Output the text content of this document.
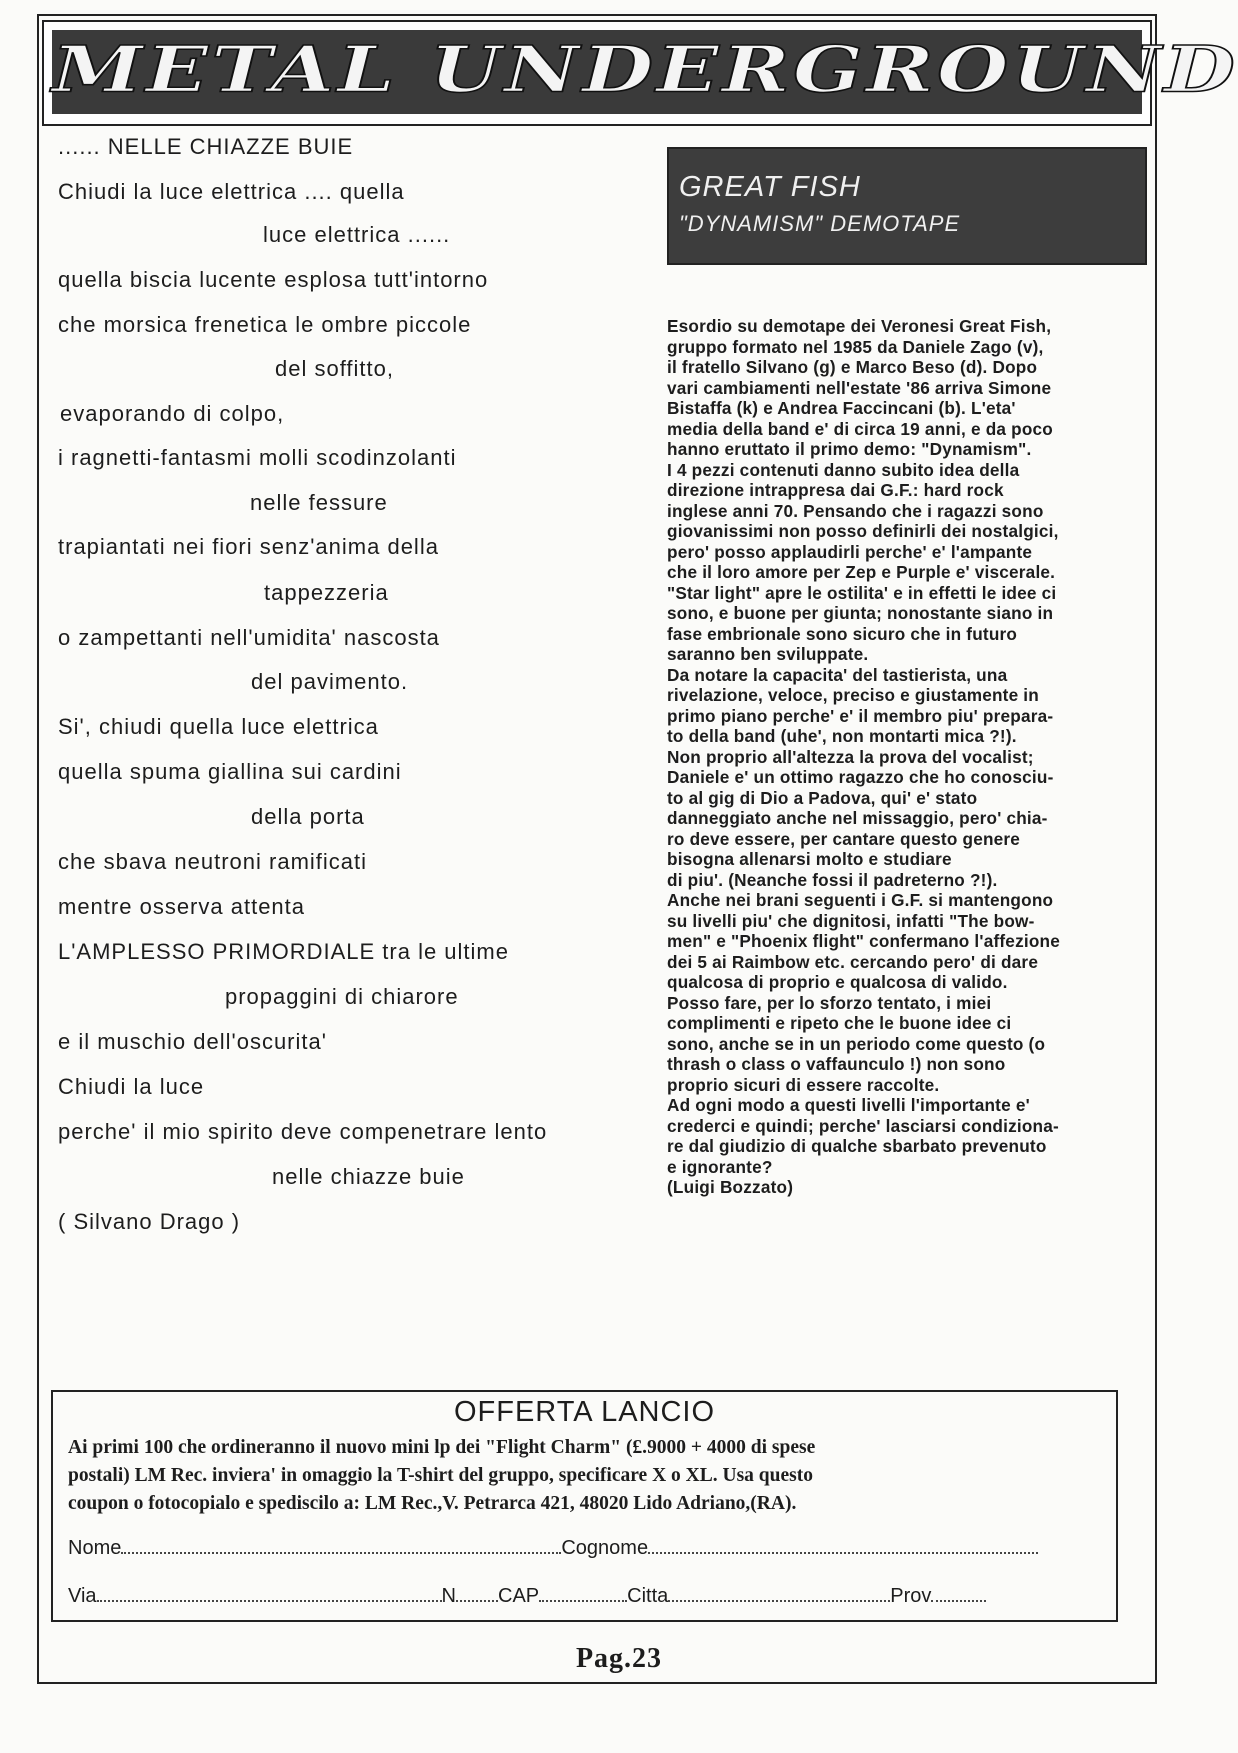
METAL UNDERGROUND
...... NELLE CHIAZZE BUIE
Chiudi la luce elettrica .... quella
luce elettrica ......
quella biscia lucente esplosa tutt'intorno
che morsica frenetica le ombre piccole
del soffitto,
evaporando di colpo,
i ragnetti-fantasmi molli scodinzolanti
nelle fessure
trapiantati nei fiori senz'anima della
tappezzeria
o zampettanti nell'umidita' nascosta
del pavimento.
Si', chiudi quella luce elettrica
quella spuma giallina sui cardini
della porta
che sbava neutroni ramificati
mentre osserva attenta
L'AMPLESSO PRIMORDIALE tra le ultime
propaggini di chiarore
e il muschio dell'oscurita'
Chiudi la luce
perche' il mio spirito deve compenetrare lento
nelle chiazze buie
( Silvano Drago )
GREAT FISH
"DYNAMISM" DEMOTAPE
Esordio su demotape dei Veronesi Great Fish,
gruppo formato nel 1985 da Daniele Zago (v),
il fratello Silvano (g) e Marco Beso (d). Dopo
vari cambiamenti nell'estate '86 arriva Simone
Bistaffa (k) e Andrea Faccincani (b). L'eta'
media della band e' di circa 19 anni, e da poco
hanno eruttato il primo demo: "Dynamism".
I 4 pezzi contenuti danno subito idea della
direzione intrappresa dai G.F.: hard rock
inglese anni 70. Pensando che i ragazzi sono
giovanissimi non posso definirli dei nostalgici,
pero' posso applaudirli perche' e' l'ampante
che il loro amore per Zep e Purple e' viscerale.
"Star light" apre le ostilita' e in effetti le idee ci
sono, e buone per giunta; nonostante siano in
fase embrionale sono sicuro che in futuro
saranno ben sviluppate.
Da notare la capacita' del tastierista, una
rivelazione, veloce, preciso e giustamente in
primo piano perche' e' il membro piu' prepara-
to della band (uhe', non montarti mica ?!).
Non proprio all'altezza la prova del vocalist;
Daniele e' un ottimo ragazzo che ho conosciu-
to al gig di Dio a Padova, qui' e' stato
danneggiato anche nel missaggio, pero' chia-
ro deve essere, per cantare questo genere
bisogna allenarsi molto e studiare
di piu'. (Neanche fossi il padreterno ?!).
Anche nei brani seguenti i G.F. si mantengono
su livelli piu' che dignitosi, infatti "The bow-
men" e "Phoenix flight" confermano l'affezione
dei 5 ai Raimbow etc. cercando pero' di dare
qualcosa di proprio e qualcosa di valido.
Posso fare, per lo sforzo tentato, i miei
complimenti e ripeto che le buone idee ci
sono, anche se in un periodo come questo (o
thrash o class o vaffaunculo !) non sono
proprio sicuri di essere raccolte.
Ad ogni modo a questi livelli l'importante e'
crederci e quindi; perche' lasciarsi condiziona-
re dal giudizio di qualche sbarbato prevenuto
e ignorante?
(Luigi Bozzato)
OFFERTA LANCIO
Ai primi 100 che ordineranno il nuovo mini lp dei "Flight Charm" (£.9000 + 4000 di spese
postali) LM Rec. inviera' in omaggio la T-shirt del gruppo, specificare X o XL. Usa questo
coupon o fotocopialo e spediscilo a: LM Rec.,V. Petrarca 421, 48020 Lido Adriano,(RA).
Nome	Cognome
Via	N CAP	Citta	Prov
Pag.23
